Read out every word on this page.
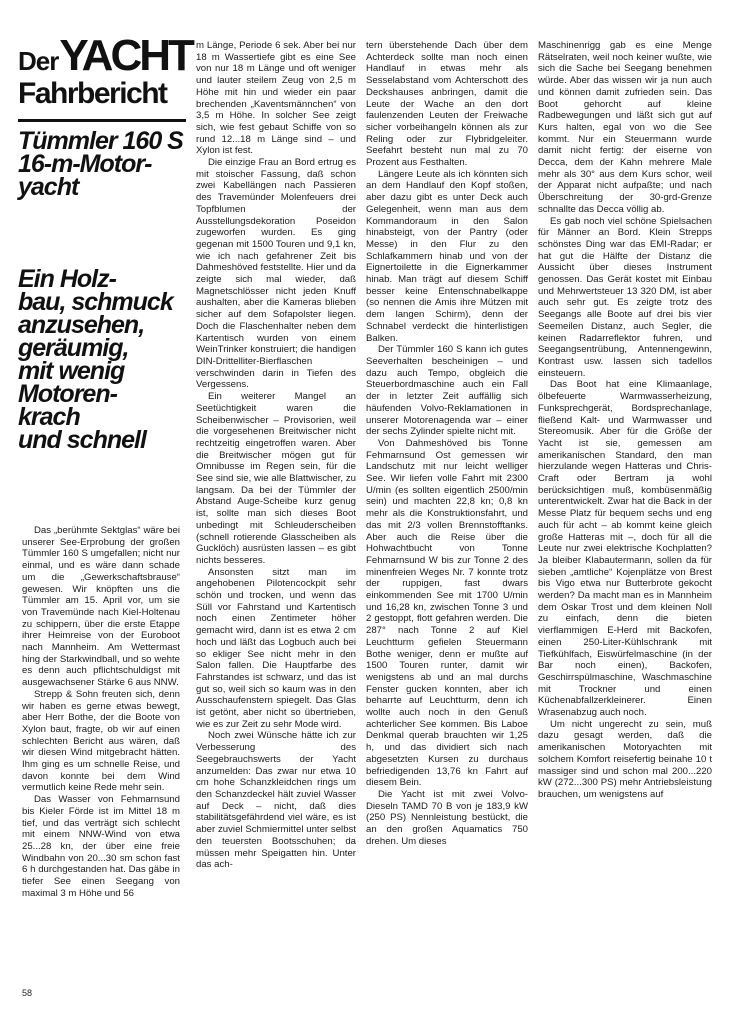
Der YACHT
Fahrbericht
Tümmler 160 S
16-m-Motor-
yacht
Ein Holz-
bau, schmuck
anzusehen,
geräumig,
mit wenig
Motoren-
krach
und schnell

Das „berühmte Sektglas“ wäre bei unserer See-Erprobung der großen Tümmler 160 S umgefallen; nicht nur einmal, und es wäre dann schade um die „Gewerkschaftsbrause“ gewesen. Wir knöpften uns die Tümmler am 15. April vor, um sie von Travemünde nach Kiel-Holtenau zu schippern, über die erste Etappe ihrer Heimreise von der Euroboot nach Mannheim. Am Wettermast hing der Starkwindball, und so wehte es denn auch pflichtschuldigst mit ausgewachsener Stärke 6 aus NNW.

Strepp & Sohn freuten sich, denn wir haben es gerne etwas bewegt, aber Herr Bothe, der die Boote von Xylon baut, fragte, ob wir auf einen schlechten Bericht aus wären, daß wir diesen Wind mitgebracht hätten. Ihm ging es um schnelle Reise, und davon konnte bei dem Wind vermutlich keine Rede mehr sein.

Das Wasser von Fehmarnsund bis Kieler Förde ist im Mittel 18 m tief, und das verträgt sich schlecht mit einem NNW-Wind von etwa 25...28 kn, der über eine freie Windbahn von 20...30 sm schon fast 6 h durchgestanden hat. Das gäbe in tiefer See einen Seegang von maximal 3 m Höhe und 56

m Länge, Periode 6 sek. Aber bei nur 18 m Wassertiefe gibt es eine See von nur 18 m Länge und oft weniger und lauter steilem Zeug von 2,5 m Höhe mit hin und wieder ein paar brechenden „Kaventsmännchen“ von 3,5 m Höhe. In solcher See zeigt sich, wie fest gebaut Schiffe von so rund 12...18 m Länge sind – und Xylon ist fest.

Die einzige Frau an Bord ertrug es mit stoischer Fassung, daß schon zwei Kabellängen nach Passieren des Travemünder Molenfeuers drei Topfblumen der Ausstellungsdekoration Poseidon zugeworfen wurden. Es ging gegenan mit 1500 Touren und 9,1 kn, wie ich nach gefahrener Zeit bis Dahmeshöved feststellte. Hier und da zeigte sich mal wieder, daß Magnetschlösser nicht jeden Knuff aushalten, aber die Kameras blieben sicher auf dem Sofapolster liegen. Doch die Flaschenhalter neben dem Kartentisch wurden von einem WeinTrinker konstruiert; die handigen DIN-Drittelliter-Bierflaschen verschwinden darin in Tiefen des Vergessens.

Ein weiterer Mangel an Seetüchtigkeit waren die Scheibenwischer – Provisorien, weil die vorgesehenen Breitwischer nicht rechtzeitig eingetroffen waren. Aber die Breitwischer mögen gut für Omnibusse im Regen sein, für die See sind sie, wie alle Blattwischer, zu langsam. Da bei der Tümmler der Abstand Auge-Scheibe kurz genug ist, sollte man sich dieses Boot unbedingt mit Schleuderscheiben (schnell rotierende Glasscheiben als Gucklöch) ausrüsten lassen – es gibt nichts besseres.

Ansonsten sitzt man im angehobenen Pilotencockpit sehr schön und trocken, und wenn das Süll vor Fahrstand und Kartentisch noch einen Zentimeter höher gemacht wird, dann ist es etwa 2 cm hoch und läßt das Logbuch auch bei so ekliger See nicht mehr in den Salon fallen. Die Hauptfarbe des Fahrstandes ist schwarz, und das ist gut so, weil sich so kaum was in den Ausschaufenstern spiegelt. Das Glas ist getönt, aber nicht so übertrieben, wie es zur Zeit zu sehr Mode wird.

Noch zwei Wünsche hätte ich zur Verbesserung des Seegebrauchswerts der Yacht anzumelden: Das zwar nur etwa 10 cm hohe Schanzkleidchen rings um den Schanzdeckel hält zuviel Wasser auf Deck – nicht, daß dies stabilitätsgefährdend viel wäre, es ist aber zuviel Schmiermittel unter selbst den teuersten Bootsschuhen; da müssen mehr Speigatten hin. Unter das ach-

tern überstehende Dach über dem Achterdeck sollte man noch einen Handlauf in etwas mehr als Sesselabstand vom Achterschott des Deckshauses anbringen, damit die Leute der Wache an den dort faulenzenden Leuten der Freiwache sicher vorbeihangeln können als zur Reling oder zur Flybridgeleiter. Seefahrt besteht nun mal zu 70 Prozent aus Festhalten.

Längere Leute als ich könnten sich an dem Handlauf den Kopf stoßen, aber dazu gibt es unter Deck auch Gelegenheit, wenn man aus dem Kommandoraum in den Salon hinabsteigt, von der Pantry (oder Messe) in den Flur zu den Schlafkammern hinab und von der Eignertoilette in die Eignerkammer hinab. Man trägt auf diesem Schiff besser keine Entenschnabelkappe (so nennen die Amis ihre Mützen mit dem langen Schirm), denn der Schnabel verdeckt die hinterlistigen Balken.

Der Tümmler 160 S kann ich gutes Seeverhalten bescheinigen – und dazu auch Tempo, obgleich die Steuerbordmaschine auch ein Fall der in letzter Zeit auffällig sich häufenden Volvo-Reklamationen in unserer Motorenagenda war – einer der sechs Zylinder spielte nicht mit.

Von Dahmeshöved bis Tonne Fehmarnsund Ost gemessen wir Landschutz mit nur leicht welliger See. Wir liefen volle Fahrt mit 2300 U/min (es sollten eigentlich 2500/min sein) und machten 22,8 kn; 0,8 kn mehr als die Konstruktionsfahrt, und das mit 2/3 vollen Brennstofftanks. Aber auch die Reise über die Hohwachtbucht von Tonne Fehmarnsund W bis zur Tonne 2 des minenfreien Weges Nr. 7 konnte trotz der ruppigen, fast dwars einkommenden See mit 1700 U/min und 16,28 kn, zwischen Tonne 3 und 2 gestoppt, flott gefahren werden. Die 287° nach Tonne 2 auf Kiel Leuchtturm gefielen Steuermann Bothe weniger, denn er mußte auf 1500 Touren runter, damit wir wenigstens ab und an mal durchs Fenster gucken konnten, aber ich beharrte auf Leuchtturm, denn ich wollte auch noch in den Genuß achterlicher See kommen. Bis Laboe Denkmal querab brauchten wir 1,25 h, und das dividiert sich nach abgesetzten Kursen zu durchaus befriedigenden 13,76 kn Fahrt auf diesem Bein.

Die Yacht ist mit zwei Volvo-Dieseln TAMD 70 B von je 183,9 kW (250 PS) Nennleistung bestückt, die an den großen Aquamatics 750 drehen. Um dieses

Maschinenrigg gab es eine Menge Rätselraten, weil noch keiner wußte, wie sich die Sache bei Seegang benehmen würde. Aber das wissen wir ja nun auch und können damit zufrieden sein. Das Boot gehorcht auf kleine Radbewegungen und läßt sich gut auf Kurs halten, egal von wo die See kommt. Nur ein Steuermann wurde damit nicht fertig: der eiserne von Decca, dem der Kahn mehrere Male mehr als 30° aus dem Kurs schor, weil der Apparat nicht aufpaßte; und nach Überschreitung der 30-grd-Grenze schnallte das Decca völlig ab.

Es gab noch viel schöne Spielsachen für Männer an Bord. Klein Strepps schönstes Ding war das EMI-Radar; er hat gut die Hälfte der Distanz die Aussicht über dieses Instrument genossen. Das Gerät kostet mit Einbau und Mehrwertsteuer 13 320 DM, ist aber auch sehr gut. Es zeigte trotz des Seegangs alle Boote auf drei bis vier Seemeilen Distanz, auch Segler, die keinen Radarreflektor fuhren, und Seegangsentrübung, Antennengewinn, Kontrast usw. lassen sich tadellos einsteuern.

Das Boot hat eine Klimaanlage, ölbefeuerte Warmwasserheizung, Funksprechgerät, Bordsprechanlage, fließend Kalt- und Warmwasser und Stereomusik. Aber für die Größe der Yacht ist sie, gemessen am amerikanischen Standard, den man hierzulande wegen Hatteras und Chris-Craft oder Bertram ja wohl berücksichtigen muß, kombüsenmäßig unterentwickelt. Zwar hat die Back in der Messe Platz für bequem sechs und eng auch für acht – ab kommt keine gleich große Hatteras mit –, doch für all die Leute nur zwei elektrische Kochplatten? Ja bleiber Klabautermann, sollen da für sieben „amtliche“ Kojenplätze von Brest bis Vigo etwa nur Butterbrote gekocht werden? Da macht man es in Mannheim dem Oskar Trost und dem kleinen Noll zu einfach, denn die bieten vierflammigen E-Herd mit Backofen, einen 250-Liter-Kühlschrank mit Tiefkühlfach, Eiswürfelmaschine (in der Bar noch einen), Backofen, Geschirrspülmaschine, Waschmaschine mit Trockner und einen Küchenabfallzerkleinerer. Einen Wrasenabzug auch noch.

Um nicht ungerecht zu sein, muß dazu gesagt werden, daß die amerikanischen Motoryachten mit solchem Komfort reisefertig beinahe 10 t massiger sind und schon mal 200...220 kW (272...300 PS) mehr Antriebsleistung brauchen, um wenigstens auf

58
